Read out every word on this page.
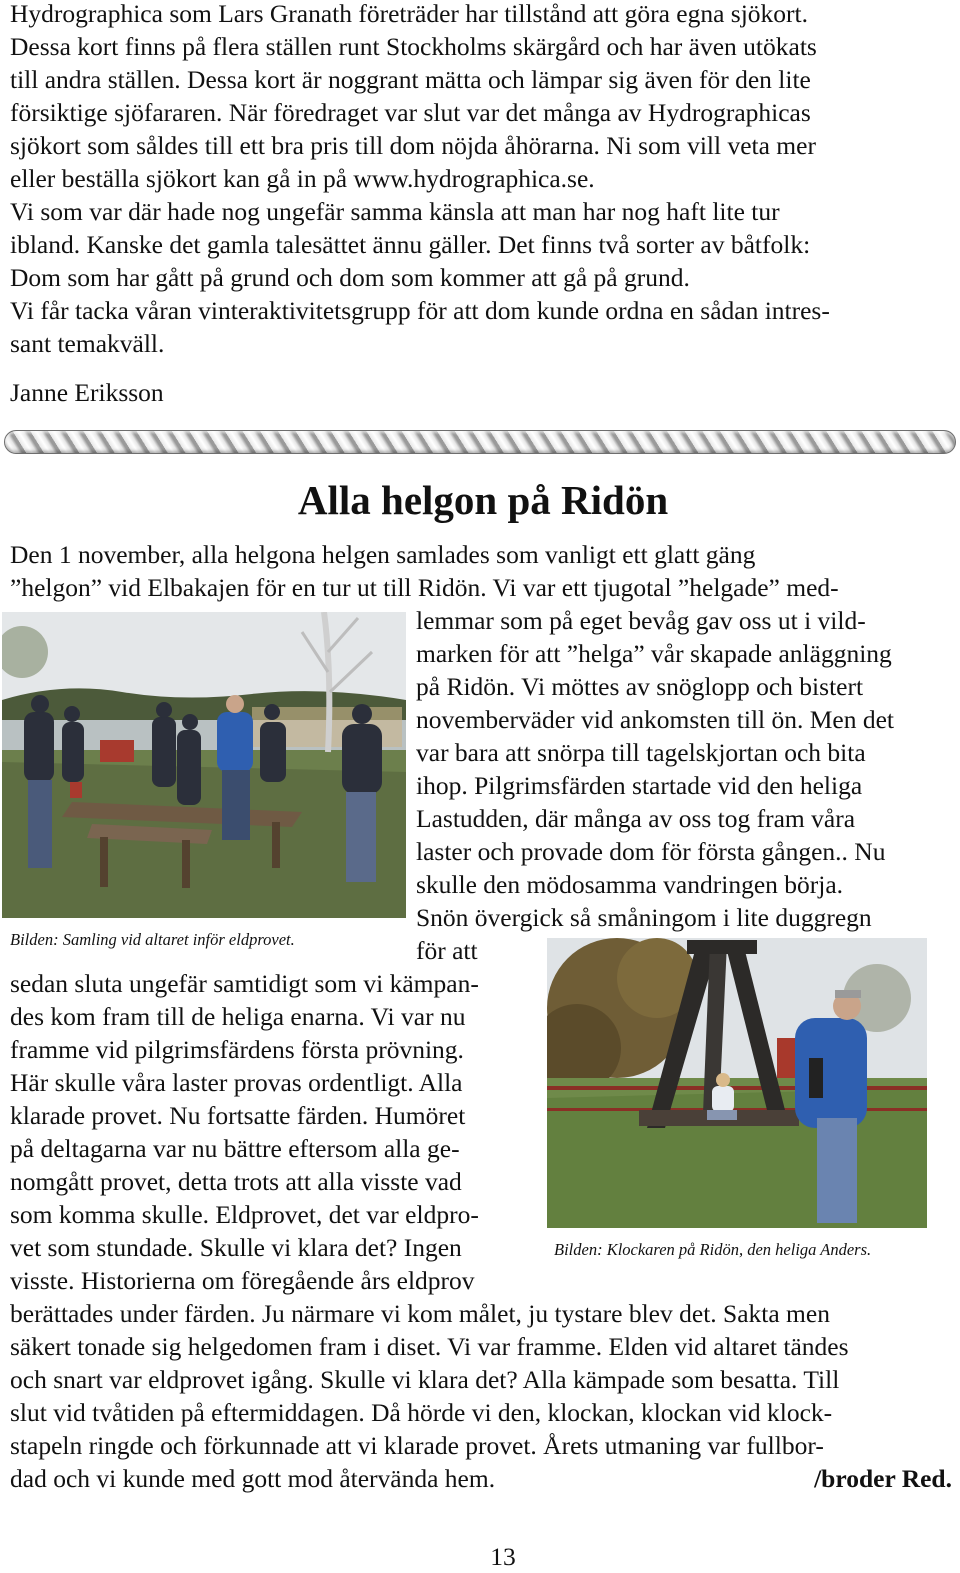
Hydrographica som Lars Granath företräder har tillstånd att göra egna sjökort.
Dessa kort finns på flera ställen runt Stockholms skärgård och har även utökats
till andra ställen. Dessa kort är noggrant mätta och lämpar sig även för den lite
försiktige sjöfararen. När föredraget var slut var det många av Hydrographicas
sjökort som såldes till ett bra pris till dom nöjda åhörarna. Ni som vill veta mer
eller beställa sjökort kan gå in på www.hydrographica.se.
Vi som var där hade nog ungefär samma känsla att man har nog haft lite tur
ibland. Kanske det gamla talesättet ännu gäller. Det finns två sorter av båtfolk:
Dom som har gått på grund och dom som kommer att gå på grund.
Vi får tacka våran vinteraktivitetsgrupp för att dom kunde ordna en sådan intres-
sant temakväll.
Janne Eriksson
Alla helgon på Ridön
Den 1 november, alla helgona helgen samlades som vanligt ett glatt gäng
”helgon” vid Elbakajen för en tur ut till Ridön. Vi var ett tjugotal ”helgade” med-
lemmar som på eget bevåg gav oss ut i vild-
marken för att ”helga” vår skapade anläggning
på Ridön. Vi möttes av snöglopp och bistert
novemberväder vid ankomsten till ön. Men det
var bara att snörpa till tagelskjortan och bita
ihop. Pilgrimsfärden startade vid den heliga
Lastudden, där många av oss tog fram våra
laster och provade dom för första gången.. Nu
skulle den mödosamma vandringen börja.
Snön övergick så småningom i lite duggregn
för att
sedan sluta ungefär samtidigt som vi kämpan-
des kom fram till de heliga enarna. Vi var nu
framme vid pilgrimsfärdens första prövning.
Här skulle våra laster provas ordentligt. Alla
klarade provet. Nu fortsatte färden. Humöret
på deltagarna var nu bättre eftersom alla ge-
nomgått provet, detta trots att alla visste vad
som komma skulle. Eldprovet, det var eldpro-
vet som stundade. Skulle vi klara det? Ingen
visste. Historierna om föregående års eldprov
berättades under färden. Ju närmare vi kom målet, ju tystare blev det. Sakta men
säkert tonade sig helgedomen fram i diset. Vi var framme. Elden vid altaret tändes
och snart var eldprovet igång. Skulle vi klara det? Alla kämpade som besatta. Till
slut vid tvåtiden på eftermiddagen. Då hörde vi den, klockan, klockan vid klock-
stapeln ringde och förkunnade att vi klarade provet. Årets utmaning var fullbor-
dad och vi kunde med gott mod återvända hem.	/broder Red.
Bilden: Samling vid altaret inför eldprovet.
Bilden: Klockaren på Ridön, den heliga Anders.
13
